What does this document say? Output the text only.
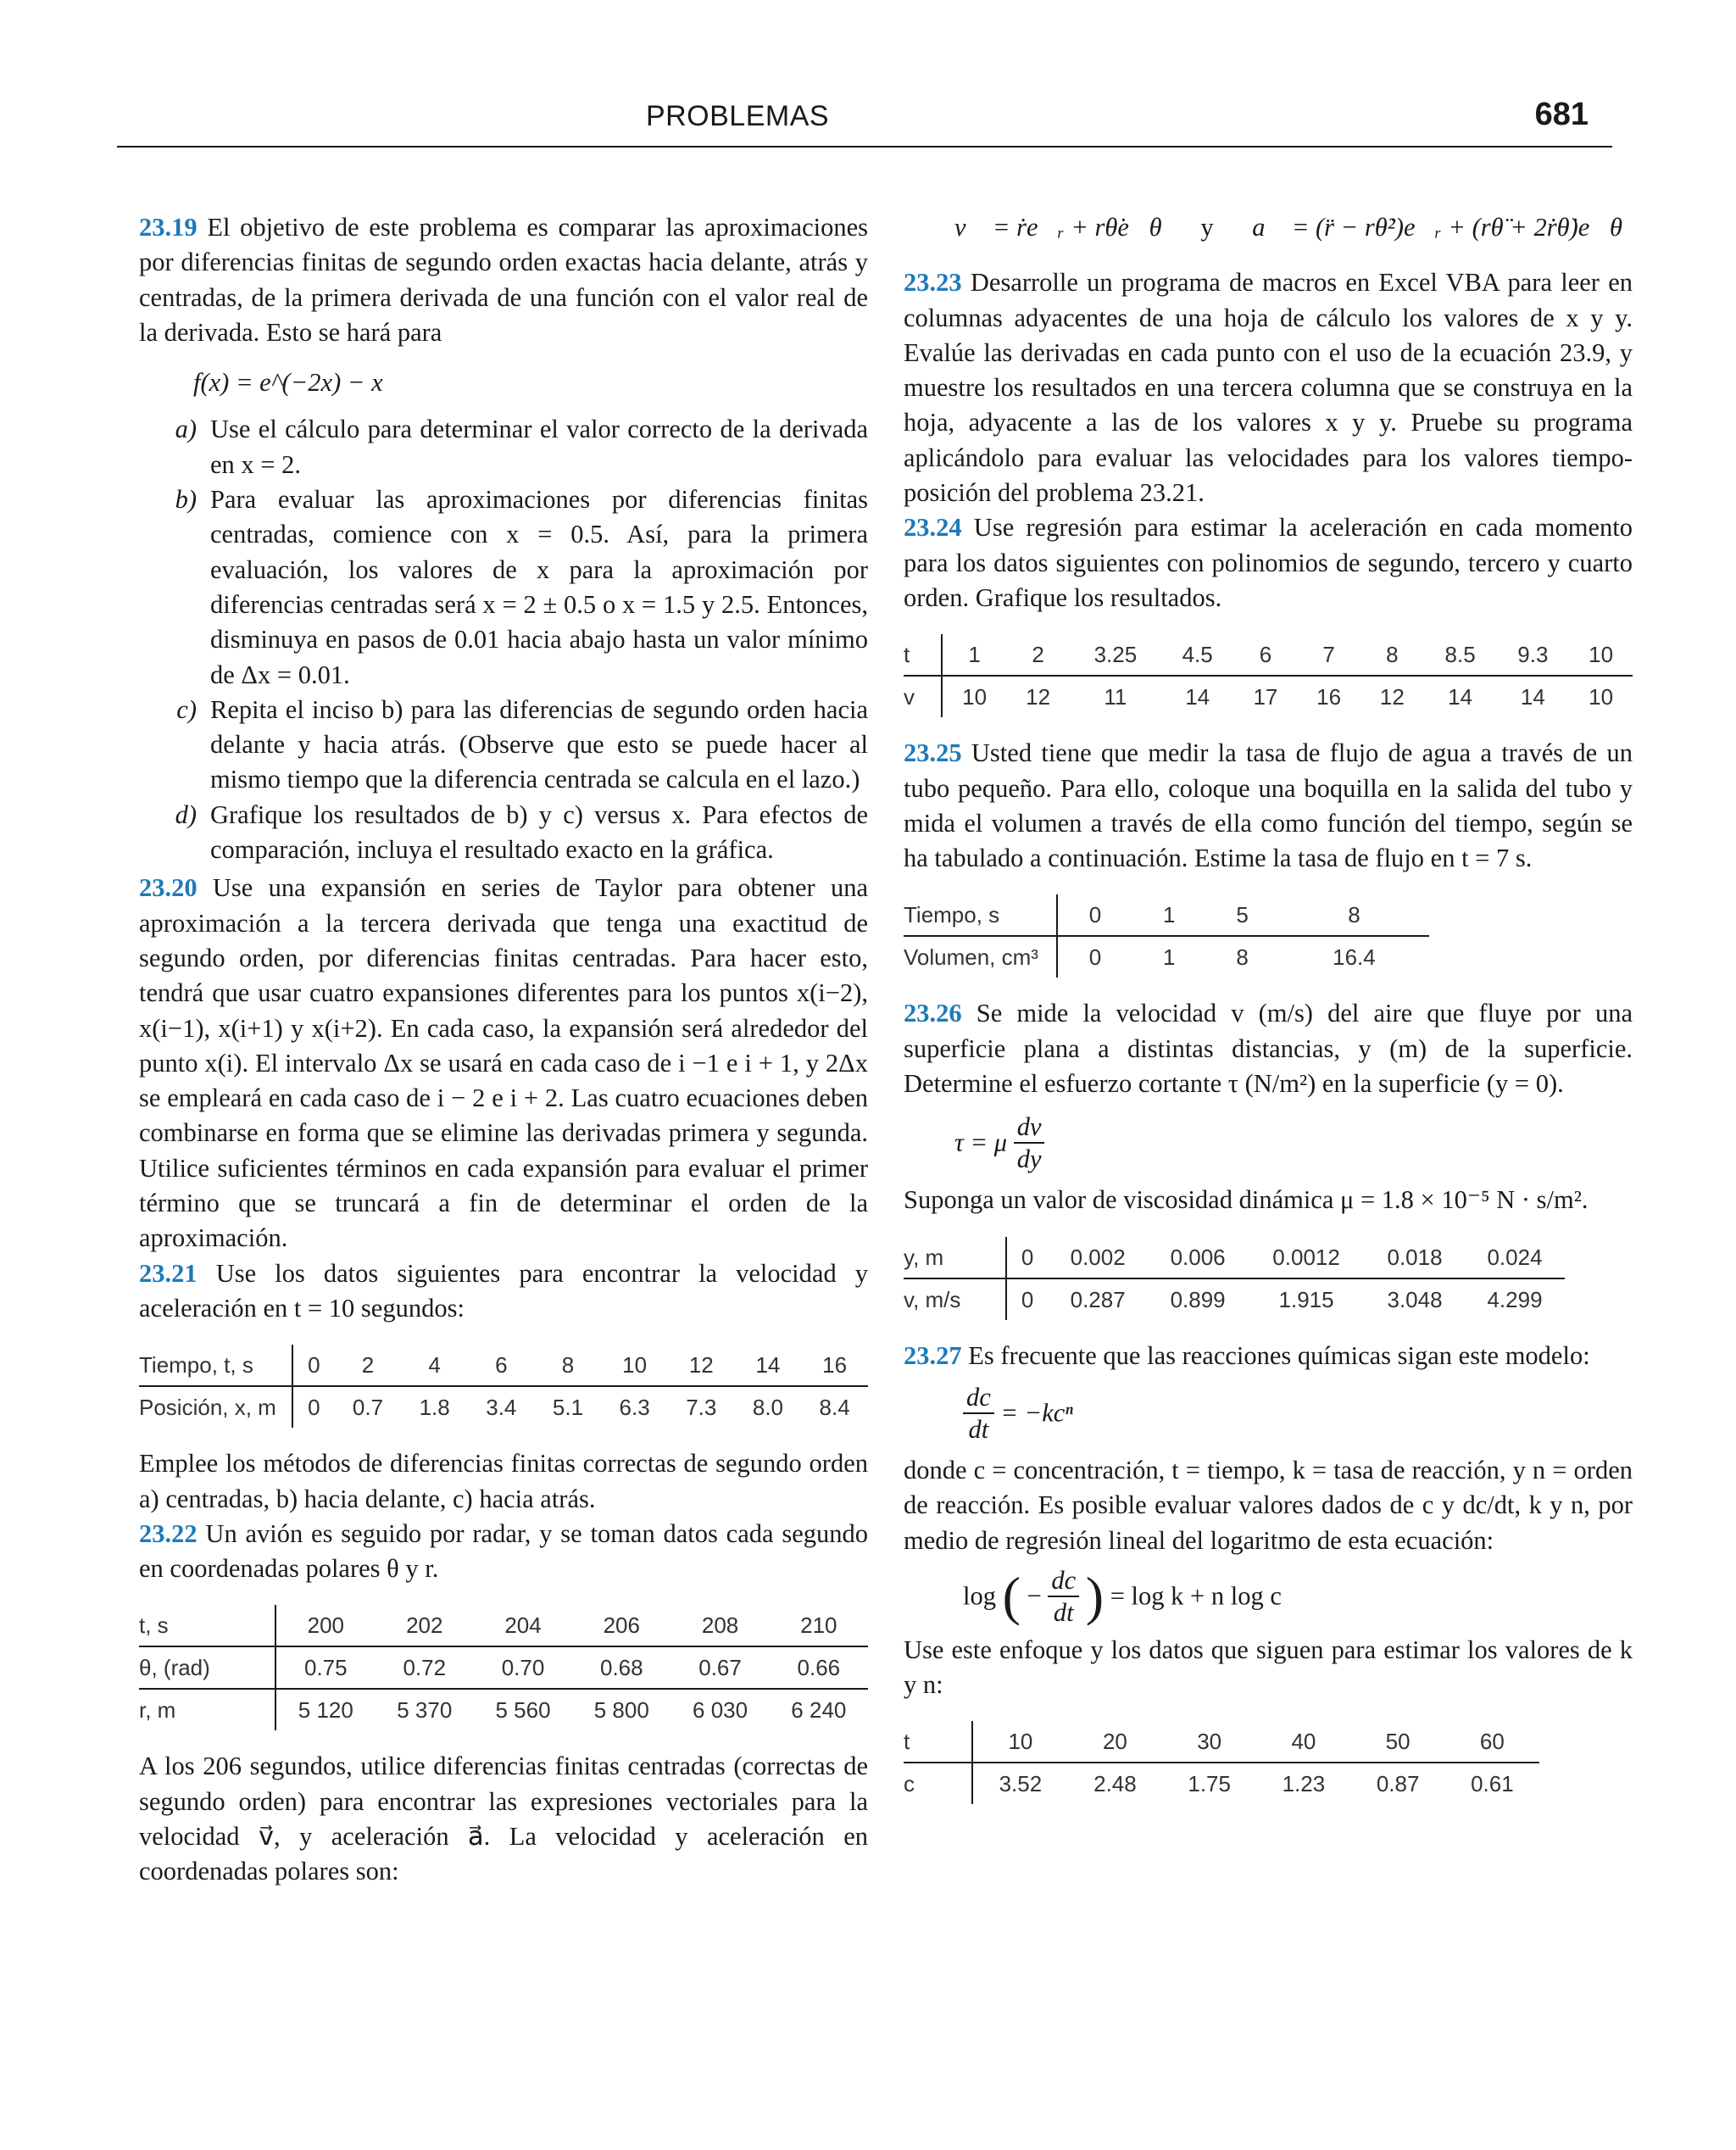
PROBLEMAS	681

23.19 El objetivo de este problema es comparar las aproximaciones por diferencias finitas de segundo orden exactas hacia delante, atrás y centradas, de la primera derivada de una función con el valor real de la derivada. Esto se hará para

f(x) = e^(−2x) − x
a) Use el cálculo para determinar el valor correcto de la derivada en x = 2.
b) Para evaluar las aproximaciones por diferencias finitas centradas, comience con x = 0.5. Así, para la primera evaluación, los valores de x para la aproximación por diferencias centradas será x = 2 ± 0.5 o x = 1.5 y 2.5. Entonces, disminuya en pasos de 0.01 hacia abajo hasta un valor mínimo de Δx = 0.01.
c) Repita el inciso b) para las diferencias de segundo orden hacia delante y hacia atrás. (Observe que esto se puede hacer al mismo tiempo que la diferencia centrada se calcula en el lazo.)
d) Grafique los resultados de b) y c) versus x. Para efectos de comparación, incluya el resultado exacto en la gráfica.

23.20 Use una expansión en series de Taylor para obtener una aproximación a la tercera derivada que tenga una exactitud de segundo orden, por diferencias finitas centradas. Para hacer esto, tendrá que usar cuatro expansiones diferentes para los puntos x(i−2), x(i−1), x(i+1) y x(i+2). En cada caso, la expansión será alrededor del punto x(i). El intervalo Δx se usará en cada caso de i −1 e i + 1, y 2Δx se empleará en cada caso de i − 2 e i + 2. Las cuatro ecuaciones deben combinarse en forma que se elimine las derivadas primera y segunda. Utilice suficientes términos en cada expansión para evaluar el primer término que se truncará a fin de determinar el orden de la aproximación.

23.21 Use los datos siguientes para encontrar la velocidad y aceleración en t = 10 segundos:

Tiempo, t, s	0	2	4	6	8	10	12	14	16
Posición, x, m	0	0.7	1.8	3.4	5.1	6.3	7.3	8.0	8.4

Emplee los métodos de diferencias finitas correctas de segundo orden a) centradas, b) hacia delante, c) hacia atrás.

23.22 Un avión es seguido por radar, y se toman datos cada segundo en coordenadas polares θ y r.

t, s	200	202	204	206	208	210
θ, (rad)	0.75	0.72	0.70	0.68	0.67	0.66
r, m	5 120	5 370	5 560	5 800	6 030	6 240

A los 206 segundos, utilice diferencias finitas centradas (correctas de segundo orden) para encontrar las expresiones vectoriales para la velocidad v⃗, y aceleración a⃗. La velocidad y aceleración en coordenadas polares son:

v⃗ = ṙe⃗ᵣ + rθ̇e⃗θ y a⃗ = (r̈ − rθ̇²)e⃗ᵣ + (rθ̈ + 2ṙθ̇)e⃗θ

23.23 Desarrolle un programa de macros en Excel VBA para leer en columnas adyacentes de una hoja de cálculo los valores de x y y. Evalúe las derivadas en cada punto con el uso de la ecuación 23.9, y muestre los resultados en una tercera columna que se construya en la hoja, adyacente a las de los valores x y y. Pruebe su programa aplicándolo para evaluar las velocidades para los valores tiempo-posición del problema 23.21.

23.24 Use regresión para estimar la aceleración en cada momento para los datos siguientes con polinomios de segundo, tercero y cuarto orden. Grafique los resultados.

t	1	2	3.25	4.5	6	7	8	8.5	9.3	10
v	10	12	11	14	17	16	12	14	14	10

23.25 Usted tiene que medir la tasa de flujo de agua a través de un tubo pequeño. Para ello, coloque una boquilla en la salida del tubo y mida el volumen a través de ella como función del tiempo, según se ha tabulado a continuación. Estime la tasa de flujo en t = 7 s.

Tiempo, s	0	1	5	8
Volumen, cm³	0	1	8	16.4

23.26 Se mide la velocidad v (m/s) del aire que fluye por una superficie plana a distintas distancias, y (m) de la superficie. Determine el esfuerzo cortante τ (N/m²) en la superficie (y = 0).

τ = μ $\frac{dv}{dy}$

Suponga un valor de viscosidad dinámica μ = 1.8 × 10⁻⁵ N · s/m².

y, m	0	0.002	0.006	0.0012	0.018	0.024
v, m/s	0	0.287	0.899	1.915	3.048	4.299

23.27 Es frecuente que las reacciones químicas sigan este modelo:

$\frac{dc}{dt} = -kc^n$

donde c = concentración, t = tiempo, k = tasa de reacción, y n = orden de reacción. Es posible evaluar valores dados de c y dc/dt, k y n, por medio de regresión lineal del logaritmo de esta ecuación:

log ( − $\frac{dc}{dt}$ ) = log k + n log c

Use este enfoque y los datos que siguen para estimar los valores de k y n:

t	10	20	30	40	50	60
c	3.52	2.48	1.75	1.23	0.87	0.61
